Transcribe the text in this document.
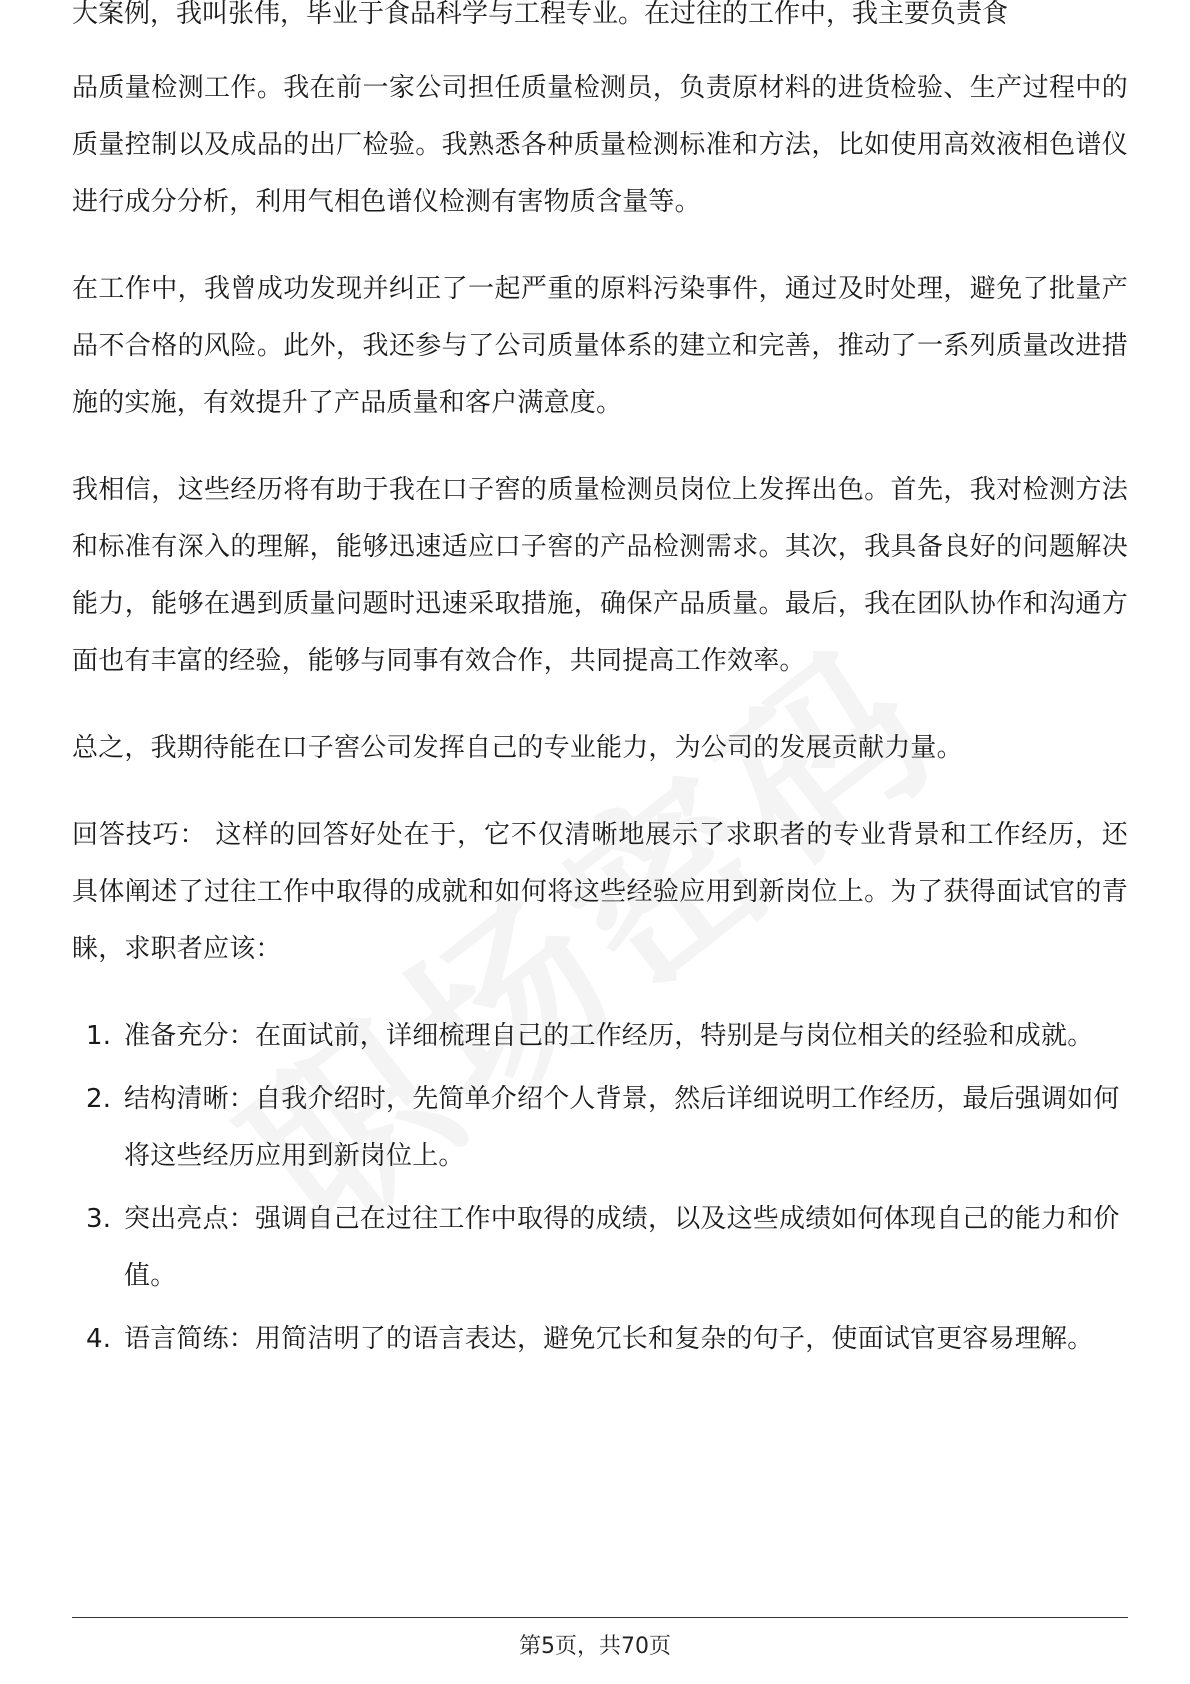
大案例，我叫张伟，毕业于食品科学与工程专业。在过往的工作中，我主要负责食

品质量检测工作。我在前一家公司担任质量检测员，负责原材料的进货检验、生产过程中的质量控制以及成品的出厂检验。我熟悉各种质量检测标准和方法，比如使用高效液相色谱仪进行成分分析，利用气相色谱仪检测有害物质含量等。

在工作中，我曾成功发现并纠正了一起严重的原料污染事件，通过及时处理，避免了批量产品不合格的风险。此外，我还参与了公司质量体系的建立和完善，推动了一系列质量改进措施的实施，有效提升了产品质量和客户满意度。

我相信，这些经历将有助于我在口子窖的质量检测员岗位上发挥出色。首先，我对检测方法和标准有深入的理解，能够迅速适应口子窖的产品检测需求。其次，我具备良好的问题解决能力，能够在遇到质量问题时迅速采取措施，确保产品质量。最后，我在团队协作和沟通方面也有丰富的经验，能够与同事有效合作，共同提高工作效率。

总之，我期待能在口子窖公司发挥自己的专业能力，为公司的发展贡献力量。

回答技巧： 这样的回答好处在于，它不仅清晰地展示了求职者的专业背景和工作经历，还具体阐述了过往工作中取得的成就和如何将这些经验应用到新岗位上。为了获得面试官的青睐，求职者应该：

1. 准备充分：在面试前，详细梳理自己的工作经历，特别是与岗位相关的经验和成就。
2. 结构清晰：自我介绍时，先简单介绍个人背景，然后详细说明工作经历，最后强调如何将这些经历应用到新岗位上。
3. 突出亮点：强调自己在过往工作中取得的成绩，以及这些成绩如何体现自己的能力和价值。
4. 语言简练：用简洁明了的语言表达，避免冗长和复杂的句子，使面试官更容易理解。
第5页，共70页
